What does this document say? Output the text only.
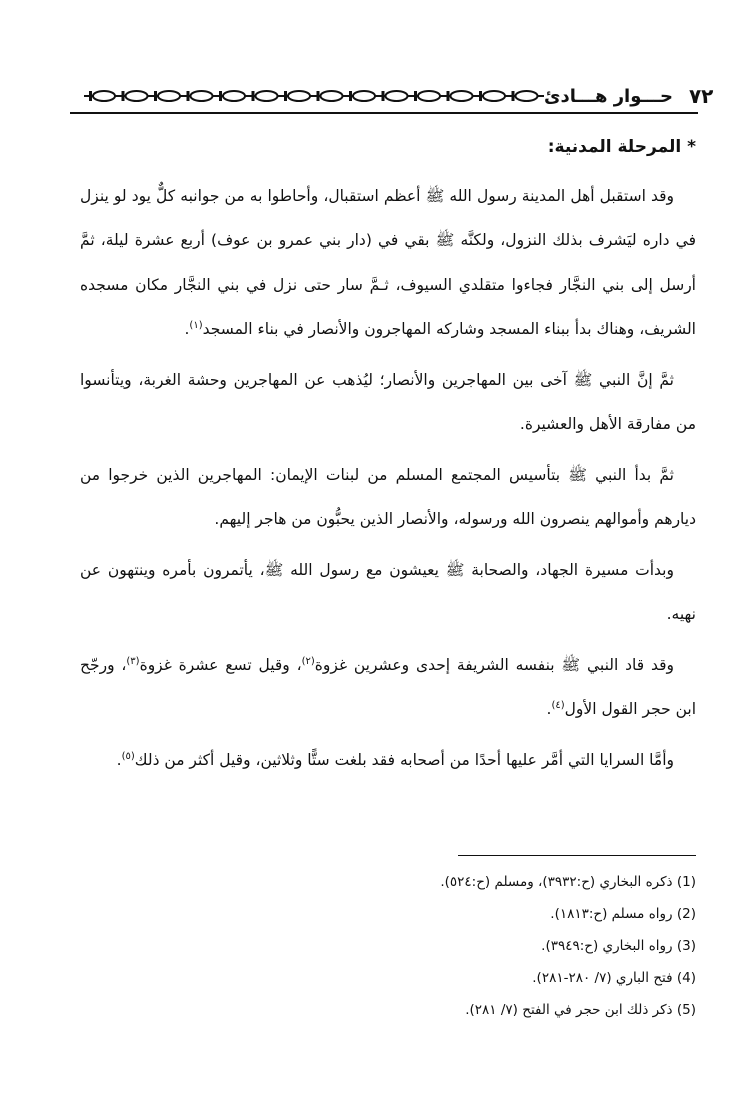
٧٢
حـــوار هـــادئ
* المرحلة المدنية:

وقد استقبل أهل المدينة رسول الله ﷺ أعظم استقبال، وأحاطوا به من جوانبه كلٌّ يود لو ينزل في داره ليَشرف بذلك النزول، ولكنَّه ﷺ بقي في (دار بني عمرو بن عوف) أربع عشرة ليلة، ثمَّ أرسل إلى بني النجَّار فجاءوا متقلدي السيوف، ثـمَّ سار حتى نزل في بني النجَّار مكان مسجده الشريف، وهناك بدأ ببناء المسجد وشاركه المهاجرون والأنصار في بناء المسجد$^{(١)}$.

ثمَّ إنَّ النبي ﷺ آخى بين المهاجرين والأنصار؛ ليُذهب عن المهاجرين وحشة الغربة، ويتأنسوا من مفارقة الأهل والعشيرة.

ثمَّ بدأ النبي ﷺ بتأسيس المجتمع المسلم من لبنات الإيمان: المهاجرين الذين خرجوا من ديارهم وأموالهم ينصرون الله ورسوله، والأنصار الذين يحبُّون من هاجر إليهم.

وبدأت مسيرة الجهاد، والصحابة ﷺ يعيشون مع رسول الله ﷺ، يأتمرون بأمره وينتهون عن نهيه.

وقد قاد النبي ﷺ بنفسه الشريفة إحدى وعشرين غزوة$^{(٢)}$، وقيل تسع عشرة غزوة$^{(٣)}$، ورجّح ابن حجر القول الأول$^{(٤)}$.

وأمَّا السرايا التي أمَّر عليها أحدًا من أصحابه فقد بلغت ستًّا وثلاثين، وقيل أكثر من ذلك$^{(٥)}$.

(1) ذكره البخاري (ح:٣٩٣٢)، ومسلم (ح:٥٢٤).

(2) رواه مسلم (ح:١٨١٣).

(3) رواه البخاري (ح:٣٩٤٩).

(4) فتح الباري (٧/ ٢٨٠-٢٨١).

(5) ذكر ذلك ابن حجر في الفتح (٧/ ٢٨١).
